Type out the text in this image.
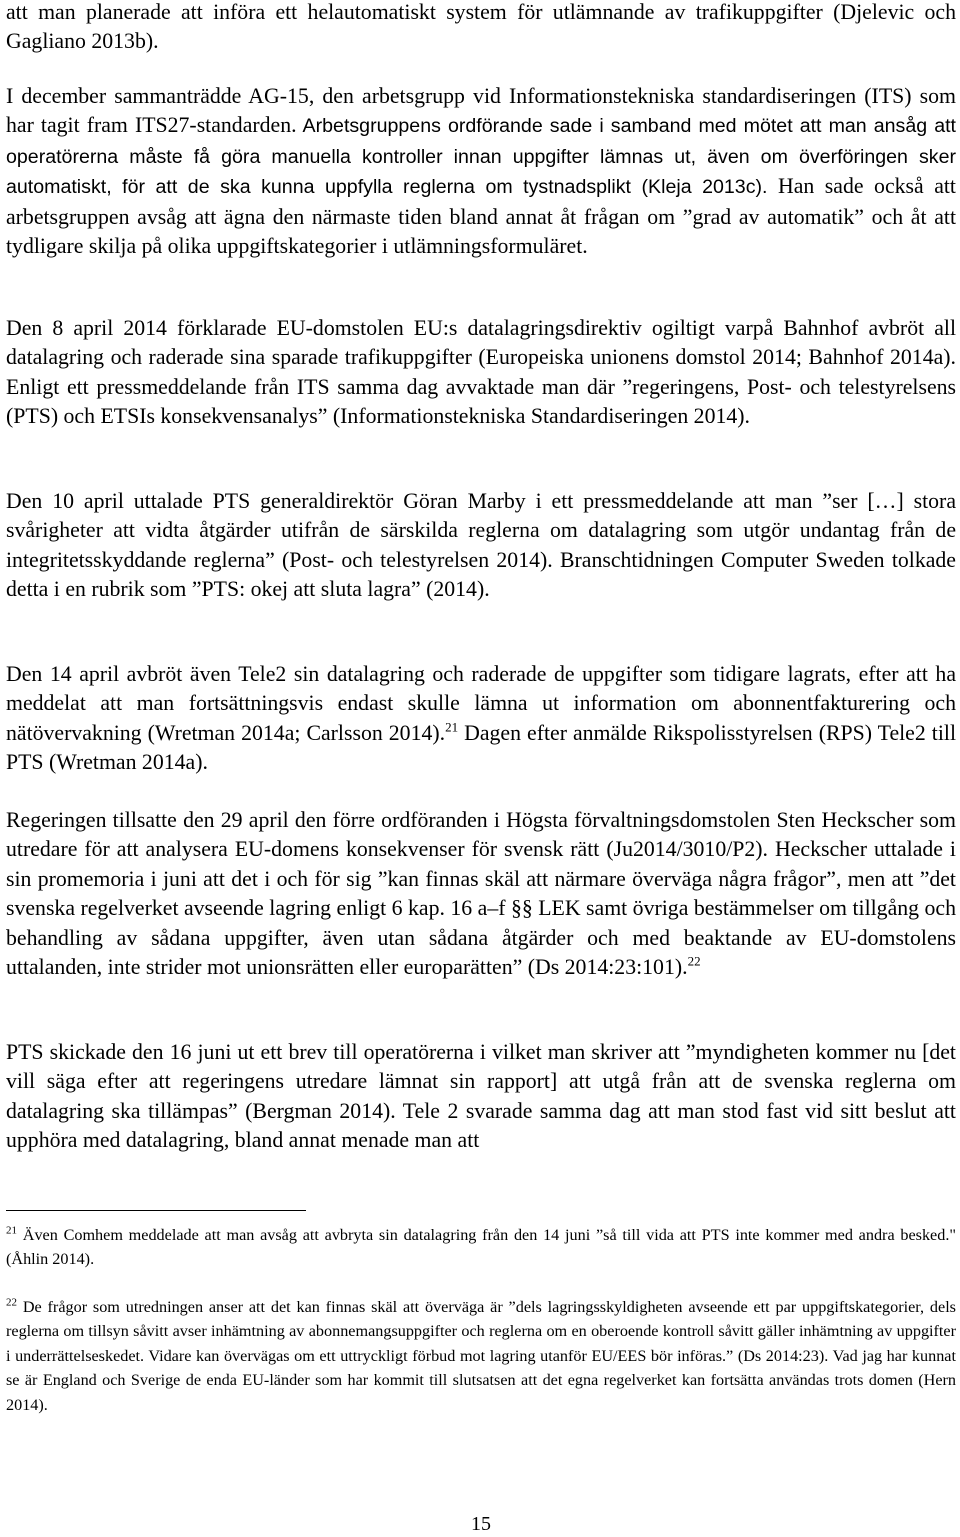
att man planerade att införa ett helautomatiskt system för utlämnande av trafikuppgifter (Djelevic och Gagliano 2013b).

I december sammanträdde AG-15, den arbetsgrupp vid Informationstekniska standardiseringen (ITS) som har tagit fram ITS27-standarden. Arbetsgruppens ordförande sade i samband med mötet att man ansåg att operatörerna måste få göra manuella kontroller innan uppgifter lämnas ut, även om överföringen sker automatiskt, för att de ska kunna uppfylla reglerna om tystnadsplikt (Kleja 2013c). Han sade också att arbetsgruppen avsåg att ägna den närmaste tiden bland annat åt frågan om ”grad av automatik” och åt att tydligare skilja på olika uppgiftskategorier i utlämningsformuläret.

Den 8 april 2014 förklarade EU-domstolen EU:s datalagringsdirektiv ogiltigt varpå Bahnhof avbröt all datalagring och raderade sina sparade trafikuppgifter (Europeiska unionens domstol 2014; Bahnhof 2014a). Enligt ett pressmeddelande från ITS samma dag avvaktade man där ”regeringens, Post- och telestyrelsens (PTS) och ETSIs konsekvensanalys” (Informationstekniska Standardiseringen 2014).

Den 10 april uttalade PTS generaldirektör Göran Marby i ett pressmeddelande att man ”ser […] stora svårigheter att vidta åtgärder utifrån de särskilda reglerna om datalagring som utgör undantag från de integritetsskyddande reglerna” (Post- och telestyrelsen 2014). Branschtidningen Computer Sweden tolkade detta i en rubrik som ”PTS: okej att sluta lagra” (2014).

Den 14 april avbröt även Tele2 sin datalagring och raderade de uppgifter som tidigare lagrats, efter att ha meddelat att man fortsättningsvis endast skulle lämna ut information om abonnentfakturering och nätövervakning (Wretman 2014a; Carlsson 2014).$^{21}$ Dagen efter anmälde Rikspolisstyrelsen (RPS) Tele2 till PTS (Wretman 2014a).

Regeringen tillsatte den 29 april den förre ordföranden i Högsta förvaltningsdomstolen Sten Heckscher som utredare för att analysera EU-domens konsekvenser för svensk rätt (Ju2014/3010/P2). Heckscher uttalade i sin promemoria i juni att det i och för sig ”kan finnas skäl att närmare överväga några frågor”, men att ”det svenska regelverket avseende lagring enligt 6 kap. 16 a–f §§ LEK samt övriga bestämmelser om tillgång och behandling av sådana uppgifter, även utan sådana åtgärder och med beaktande av EU-domstolens uttalanden, inte strider mot unionsrätten eller europarätten” (Ds 2014:23:101).$^{22}$

PTS skickade den 16 juni ut ett brev till operatörerna i vilket man skriver att ”myndigheten kommer nu [det vill säga efter att regeringens utredare lämnat sin rapport] att utgå från att de svenska reglerna om datalagring ska tillämpas” (Bergman 2014). Tele 2 svarade samma dag att man stod fast vid sitt beslut att upphöra med datalagring, bland annat menade man att

$^{21}$ Även Comhem meddelade att man avsåg att avbryta sin datalagring från den 14 juni ”så till vida att PTS inte kommer med andra besked." (Åhlin 2014).

$^{22}$ De frågor som utredningen anser att det kan finnas skäl att överväga är ”dels lagringsskyldigheten avseende ett par uppgiftskategorier, dels reglerna om tillsyn såvitt avser inhämtning av abonnemangsuppgifter och reglerna om en oberoende kontroll såvitt gäller inhämtning av uppgifter i underrättelseskedet. Vidare kan övervägas om ett uttryckligt förbud mot lagring utanför EU/EES bör införas.” (Ds 2014:23). Vad jag har kunnat se är England och Sverige de enda EU-länder som har kommit till slutsatsen att det egna regelverket kan fortsätta användas trots domen (Hern 2014).

15
